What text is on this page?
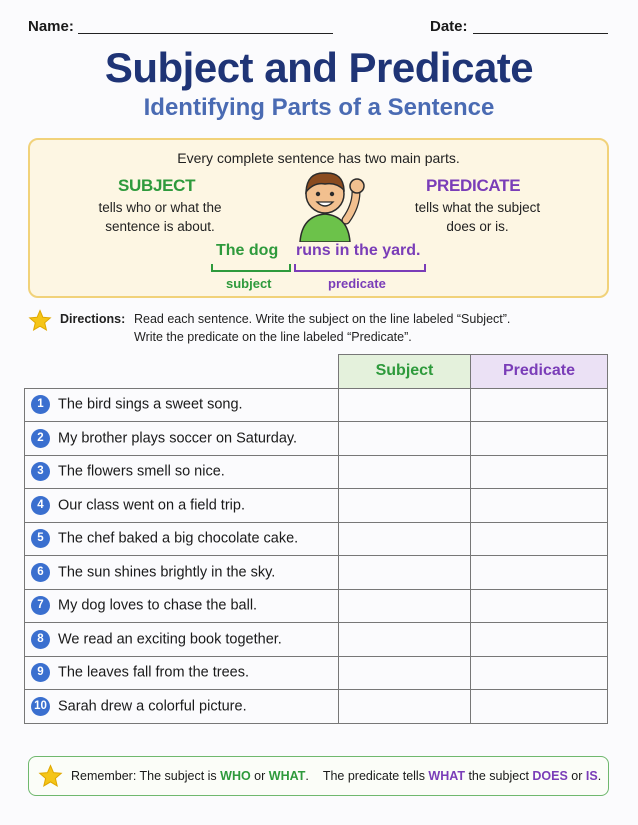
Name:	Date:
Subject and Predicate
Identifying Parts of a Sentence
Every complete sentence has two main parts.
SUBJECT
tells who or what the
sentence is about.
PREDICATE
tells what the subject
does or is.
The dog runs in the yard.
subject	predicate
Directions: Read each sentence. Write the subject on the line labeled “Subject”.
Write the predicate on the line labeled “Predicate”.
	Subject	Predicate
1 The bird sings a sweet song.		
2 My brother plays soccer on Saturday.		
3 The flowers smell so nice.		
4 Our class went on a field trip.		
5 The chef baked a big chocolate cake.		
6 The sun shines brightly in the sky.		
7 My dog loves to chase the ball.		
8 We read an exciting book together.		
9 The leaves fall from the trees.		
10 Sarah drew a colorful picture.		
Remember: The subject is WHO or WHAT. The predicate tells WHAT the subject DOES or IS.
